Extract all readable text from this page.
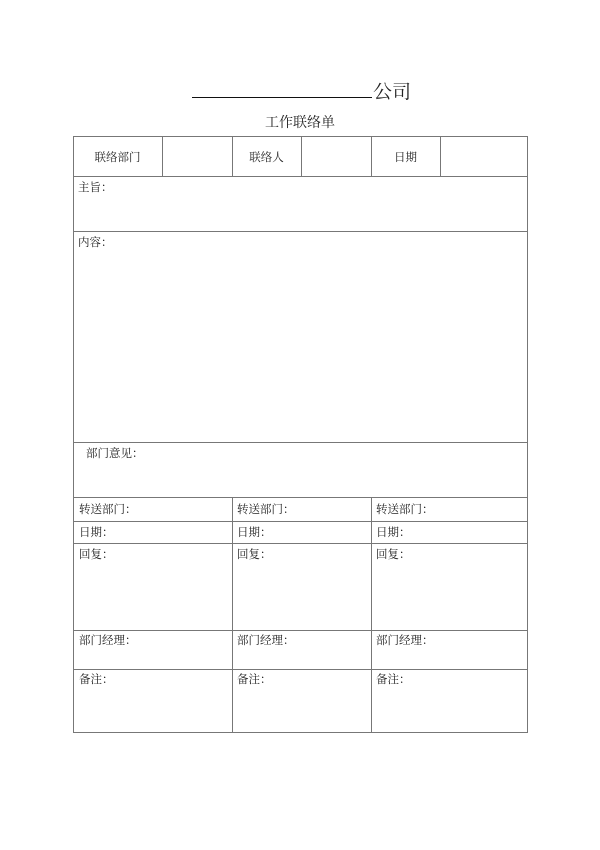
公司
工作联络单
联络部门	联络人	日期
主旨：
内容：
部门意见：
转送部门：	转送部门：	转送部门：
日期：	日期：	日期：
回复：	回复：	回复：
部门经理：	部门经理：	部门经理：
备注：	备注：	备注：
